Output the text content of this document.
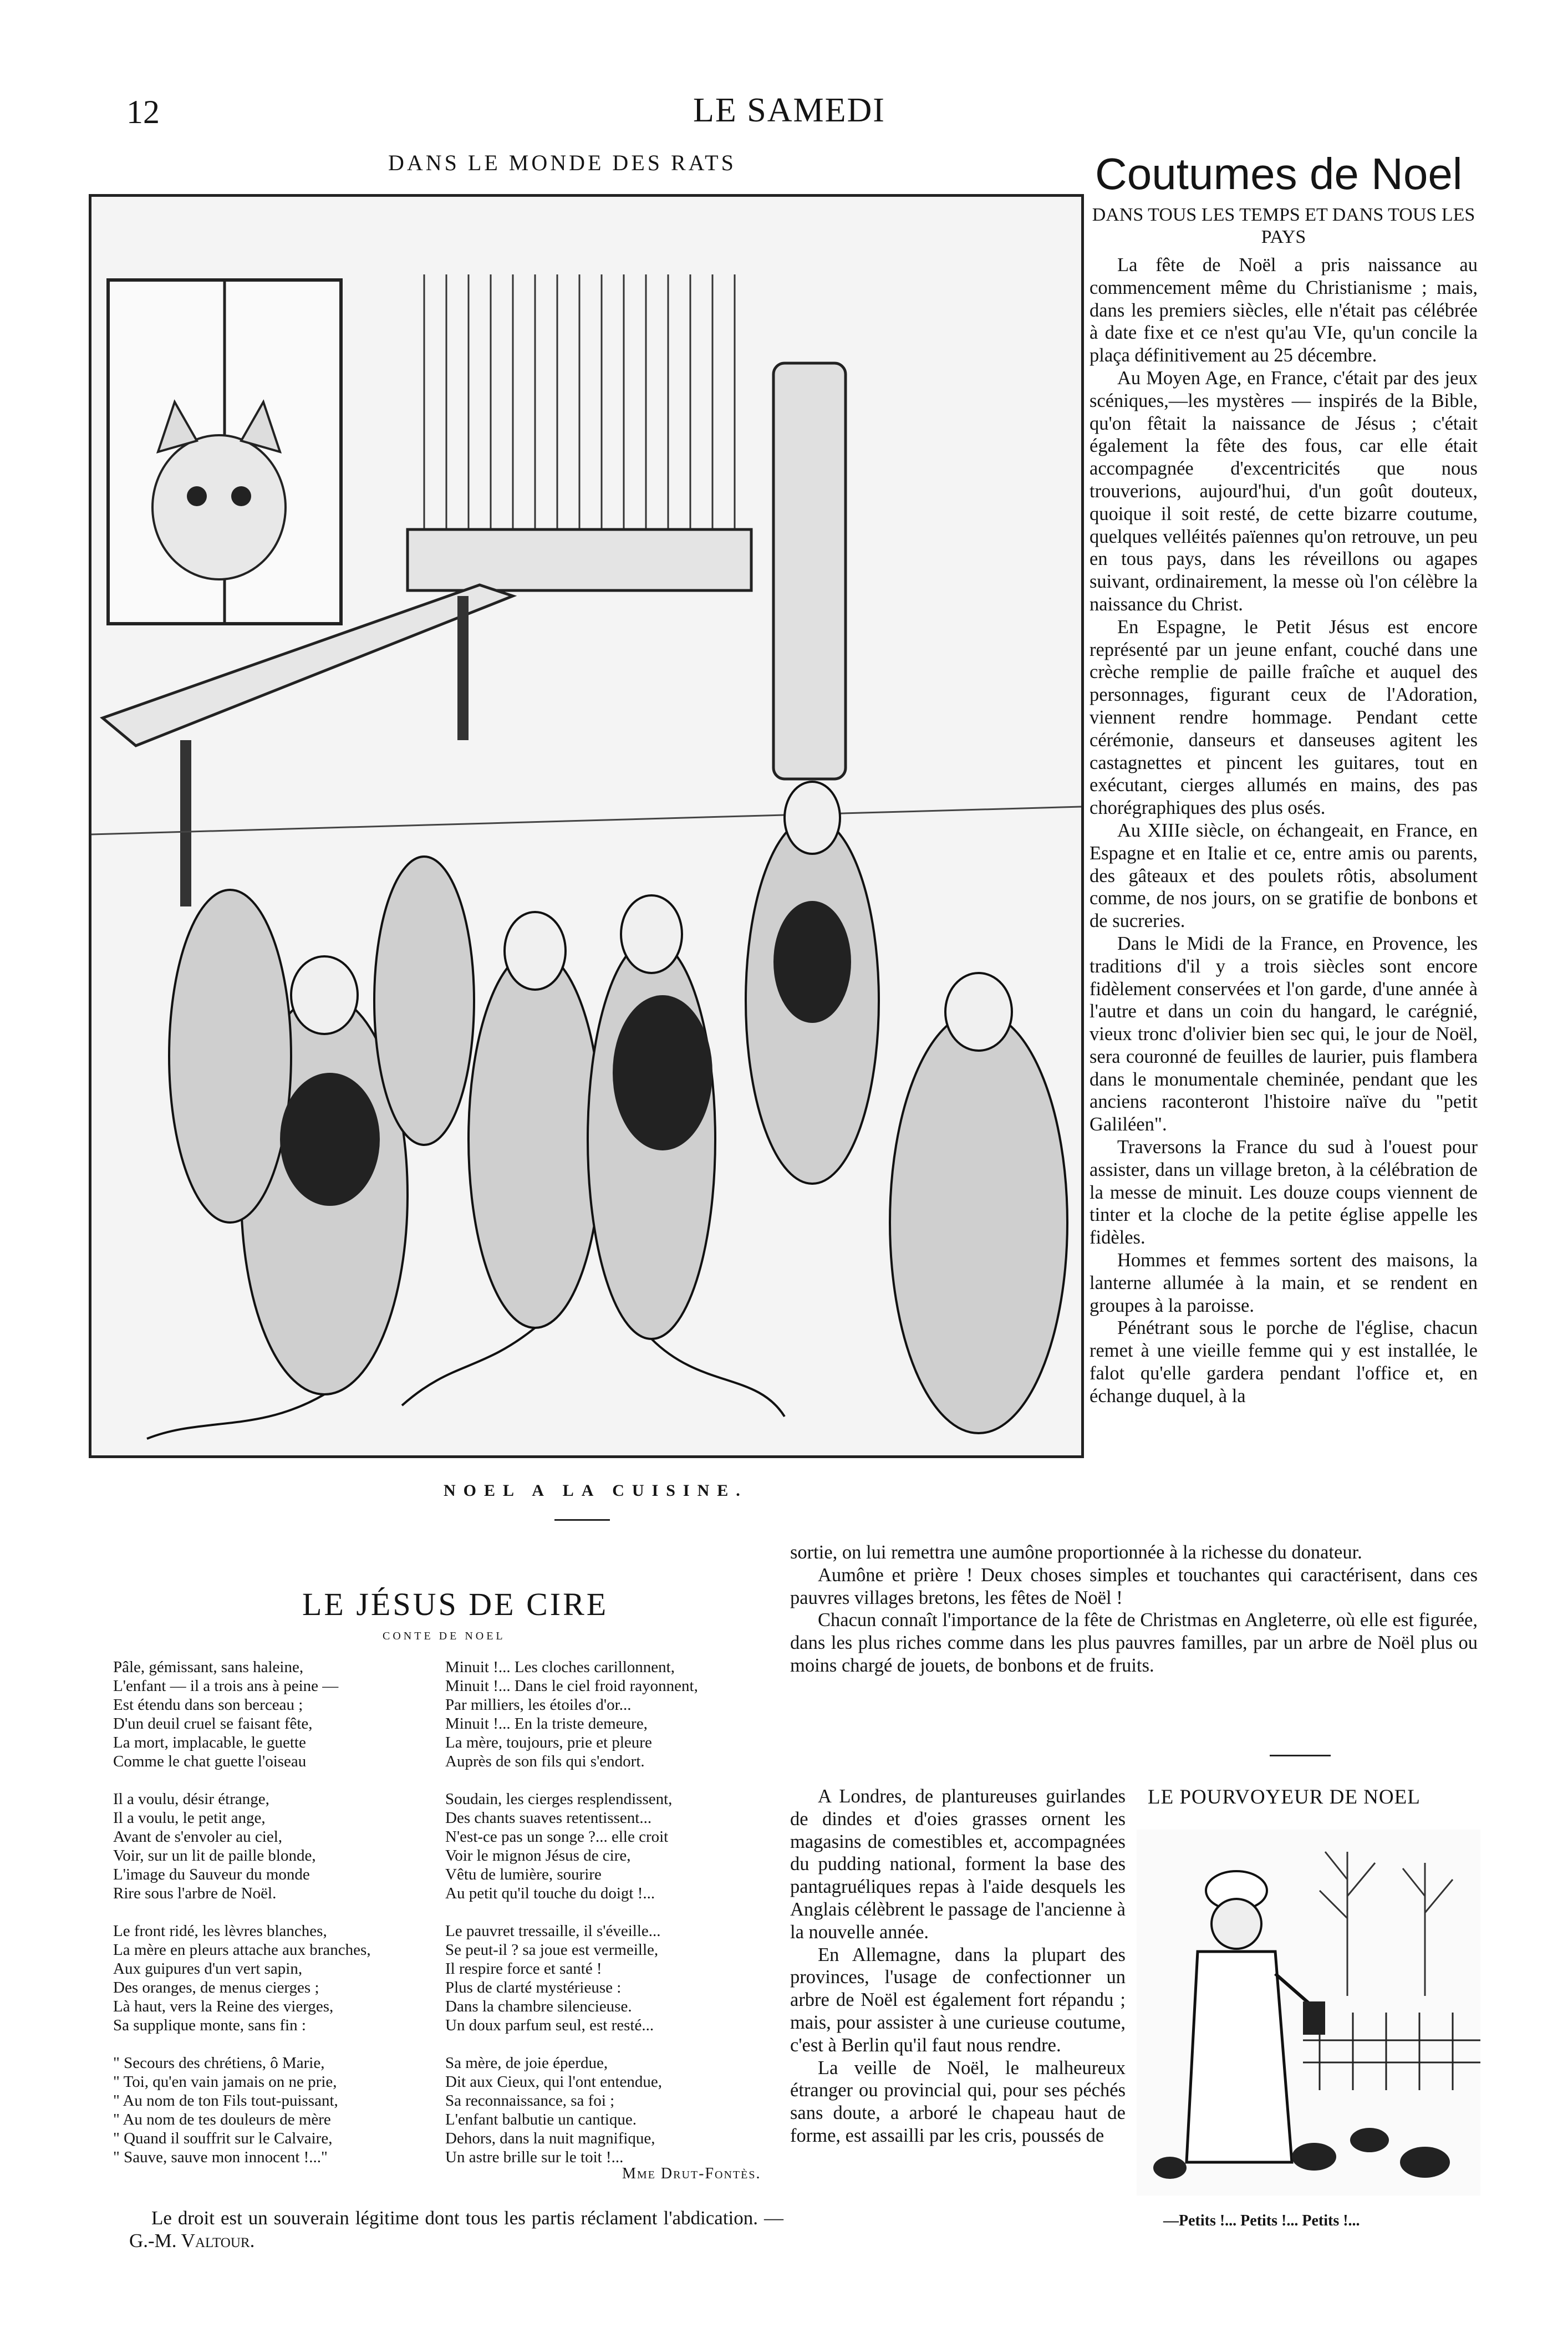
12	LE SAMEDI
DANS LE MONDE DES RATS
NOEL A LA CUISINE.
Coutumes de Noel
DANS TOUS LES TEMPS ET DANS TOUS LES PAYS

La fête de Noël a pris naissance au commencement même du Christianisme ; mais, dans les premiers siècles, elle n'était pas célébrée à date fixe et ce n'est qu'au VIe, qu'un concile la plaça définitivement au 25 décembre.

Au Moyen Age, en France, c'était par des jeux scéniques,—les mystères — inspirés de la Bible, qu'on fêtait la naissance de Jésus ; c'était également la fête des fous, car elle était accompagnée d'excentricités que nous trouverions, aujourd'hui, d'un goût douteux, quoique il soit resté, de cette bizarre coutume, quelques velléités païennes qu'on retrouve, un peu en tous pays, dans les réveillons ou agapes suivant, ordinairement, la messe où l'on célèbre la naissance du Christ.

En Espagne, le Petit Jésus est encore représenté par un jeune enfant, couché dans une crèche remplie de paille fraîche et auquel des personnages, figurant ceux de l'Adoration, viennent rendre hommage. Pendant cette cérémonie, danseurs et danseuses agitent les castagnettes et pincent les guitares, tout en exécutant, cierges allumés en mains, des pas chorégraphiques des plus osés.

Au XIIIe siècle, on échangeait, en France, en Espagne et en Italie et ce, entre amis ou parents, des gâteaux et des poulets rôtis, absolument comme, de nos jours, on se gratifie de bonbons et de sucreries.

Dans le Midi de la France, en Provence, les traditions d'il y a trois siècles sont encore fidèlement conservées et l'on garde, d'une année à l'autre et dans un coin du hangard, le carégnié, vieux tronc d'olivier bien sec qui, le jour de Noël, sera couronné de feuilles de laurier, puis flambera dans le monumentale cheminée, pendant que les anciens raconteront l'histoire naïve du "petit Galiléen".

Traversons la France du sud à l'ouest pour assister, dans un village breton, à la célébration de la messe de minuit. Les douze coups viennent de tinter et la cloche de la petite église appelle les fidèles.

Hommes et femmes sortent des maisons, la lanterne allumée à la main, et se rendent en groupes à la paroisse.

Pénétrant sous le porche de l'église, chacun remet à une vieille femme qui y est installée, le falot qu'elle gardera pendant l'office et, en échange duquel, à la

sortie, on lui remettra une aumône proportionnée à la richesse du donateur.

Aumône et prière ! Deux choses simples et touchantes qui caractérisent, dans ces pauvres villages bretons, les fêtes de Noël !

Chacun connaît l'importance de la fête de Christmas en Angleterre, où elle est figurée, dans les plus riches comme dans les plus pauvres familles, par un arbre de Noël plus ou moins chargé de jouets, de bonbons et de fruits.

A Londres, de plantureuses guirlandes de dindes et d'oies grasses ornent les magasins de comestibles et, accompagnées du pudding national, forment la base des pantagruéliques repas à l'aide desquels les Anglais célèbrent le passage de l'ancienne à la nouvelle année.

En Allemagne, dans la plupart des provinces, l'usage de confectionner un arbre de Noël est également fort répandu ; mais, pour assister à une curieuse coutume, c'est à Berlin qu'il faut nous rendre.

La veille de Noël, le malheureux étranger ou provincial qui, pour ses péchés sans doute, a arboré le chapeau haut de forme, est assailli par les cris, poussés de

LE JÉSUS DE CIRE
CONTE DE NOEL
Pâle, gémissant, sans haleine,
L'enfant — il a trois ans à peine —
Est étendu dans son berceau ;
D'un deuil cruel se faisant fête,
La mort, implacable, le guette
Comme le chat guette l'oiseau
Il a voulu, désir étrange,
Il a voulu, le petit ange,
Avant de s'envoler au ciel,
Voir, sur un lit de paille blonde,
L'image du Sauveur du monde
Rire sous l'arbre de Noël.
Le front ridé, les lèvres blanches,
La mère en pleurs attache aux branches,
Aux guipures d'un vert sapin,
Des oranges, de menus cierges ;
Là haut, vers la Reine des vierges,
Sa supplique monte, sans fin :
" Secours des chrétiens, ô Marie,
" Toi, qu'en vain jamais on ne prie,
" Au nom de ton Fils tout-puissant,
" Au nom de tes douleurs de mère
" Quand il souffrit sur le Calvaire,
" Sauve, sauve mon innocent !..."
Minuit !... Les cloches carillonnent,
Minuit !... Dans le ciel froid rayonnent,
Par milliers, les étoiles d'or...
Minuit !... En la triste demeure,
La mère, toujours, prie et pleure
Auprès de son fils qui s'endort.
Soudain, les cierges resplendissent,
Des chants suaves retentissent...
N'est-ce pas un songe ?... elle croit
Voir le mignon Jésus de cire,
Vêtu de lumière, sourire
Au petit qu'il touche du doigt !...
Le pauvret tressaille, il s'éveille...
Se peut-il ? sa joue est vermeille,
Il respire force et santé !
Plus de clarté mystérieuse :
Dans la chambre silencieuse.
Un doux parfum seul, est resté...
Sa mère, de joie éperdue,
Dit aux Cieux, qui l'ont entendue,
Sa reconnaissance, sa foi ;
L'enfant balbutie un cantique.
Dehors, dans la nuit magnifique,
Un astre brille sur le toit !...
Mme Drut-Fontès.
Le droit est un souverain légitime dont tous les partis réclament l'abdication. — G.-M. Valtour.
LE POURVOYEUR DE NOEL
—Petits !... Petits !... Petits !...
